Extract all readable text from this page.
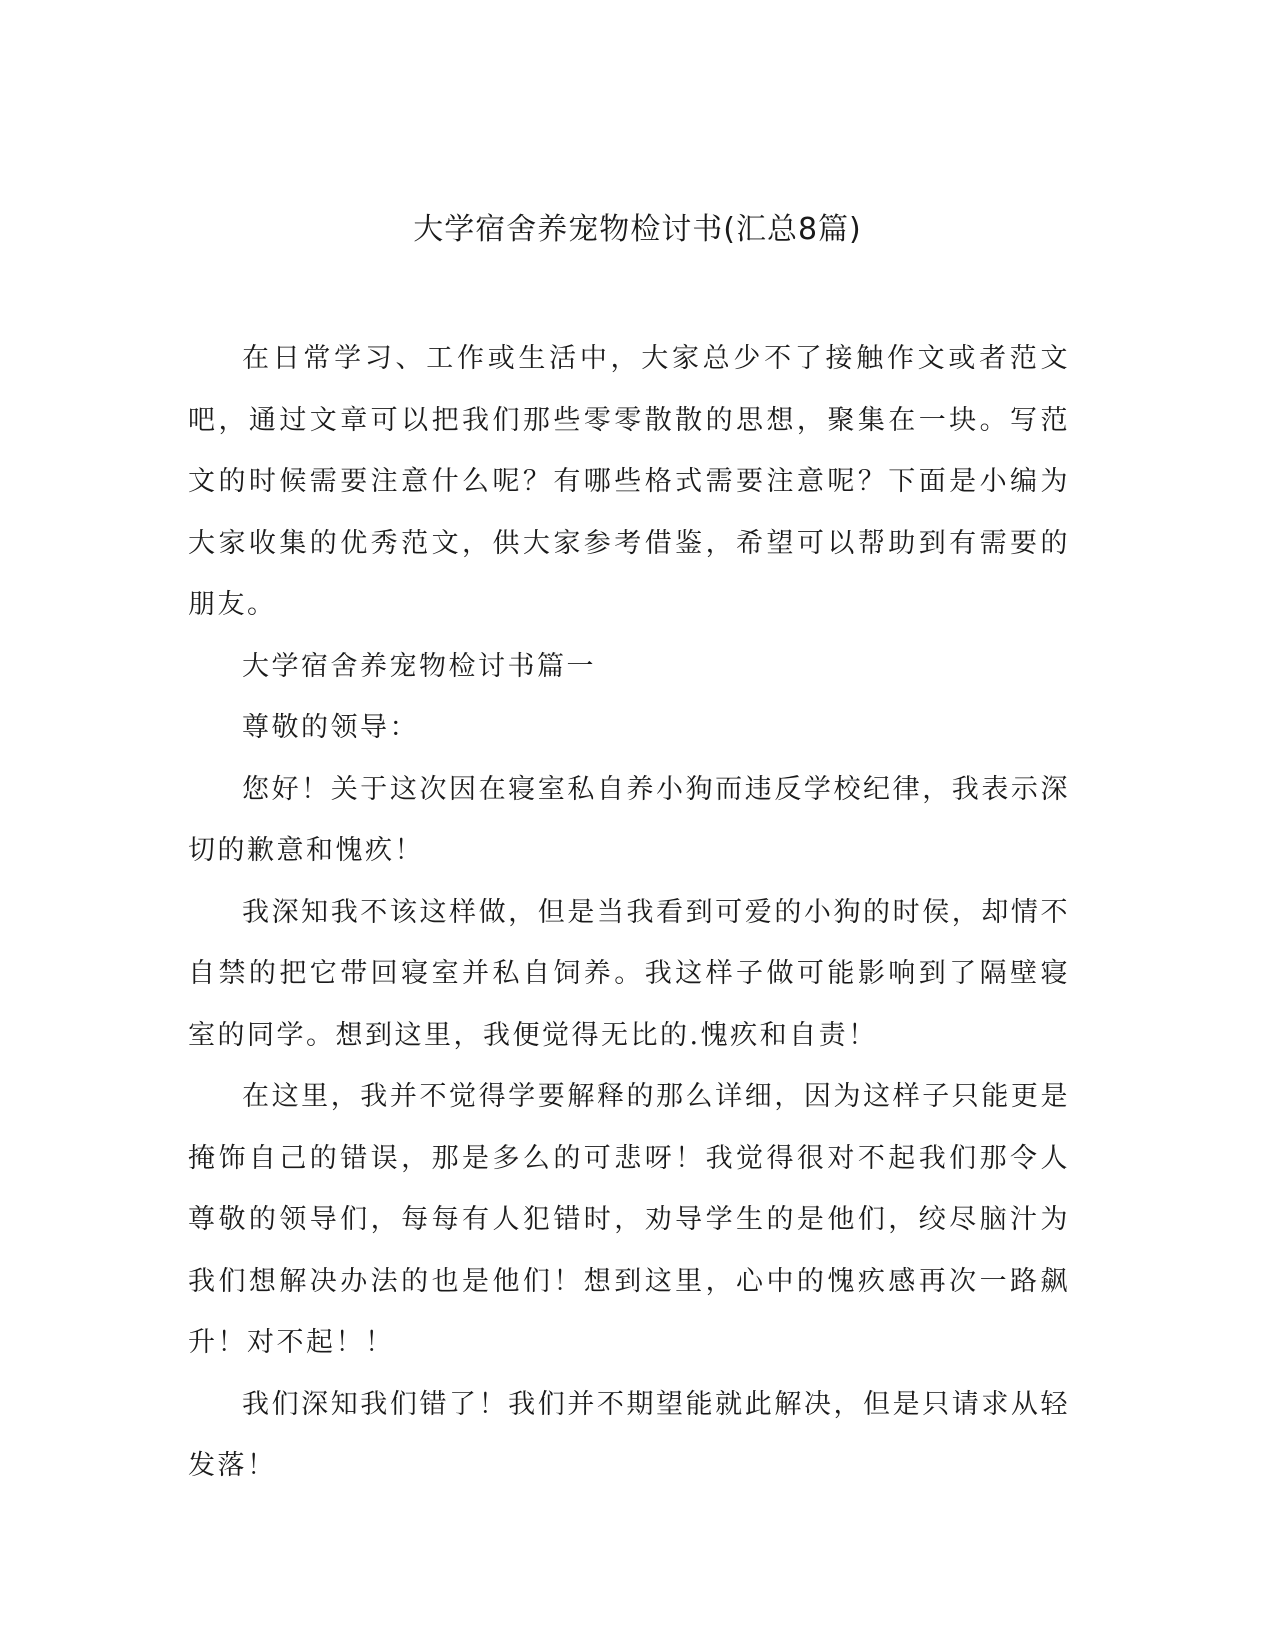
大学宿舍养宠物检讨书(汇总8篇)

在日常学习、工作或生活中，大家总少不了接触作文或者范文吧，通过文章可以把我们那些零零散散的思想，聚集在一块。写范文的时候需要注意什么呢？有哪些格式需要注意呢？下面是小编为大家收集的优秀范文，供大家参考借鉴，希望可以帮助到有需要的朋友。

大学宿舍养宠物检讨书篇一

尊敬的领导：

您好！关于这次因在寝室私自养小狗而违反学校纪律，我表示深切的歉意和愧疚！

我深知我不该这样做，但是当我看到可爱的小狗的时侯，却情不自禁的把它带回寝室并私自饲养。我这样子做可能影响到了隔壁寝室的同学。想到这里，我便觉得无比的.愧疚和自责！

在这里，我并不觉得学要解释的那么详细，因为这样子只能更是掩饰自己的错误，那是多么的可悲呀！我觉得很对不起我们那令人尊敬的领导们，每每有人犯错时，劝导学生的是他们，绞尽脑汁为我们想解决办法的也是他们！想到这里，心中的愧疚感再次一路飙升！对不起！！

我们深知我们错了！我们并不期望能就此解决，但是只请求从轻发落！
